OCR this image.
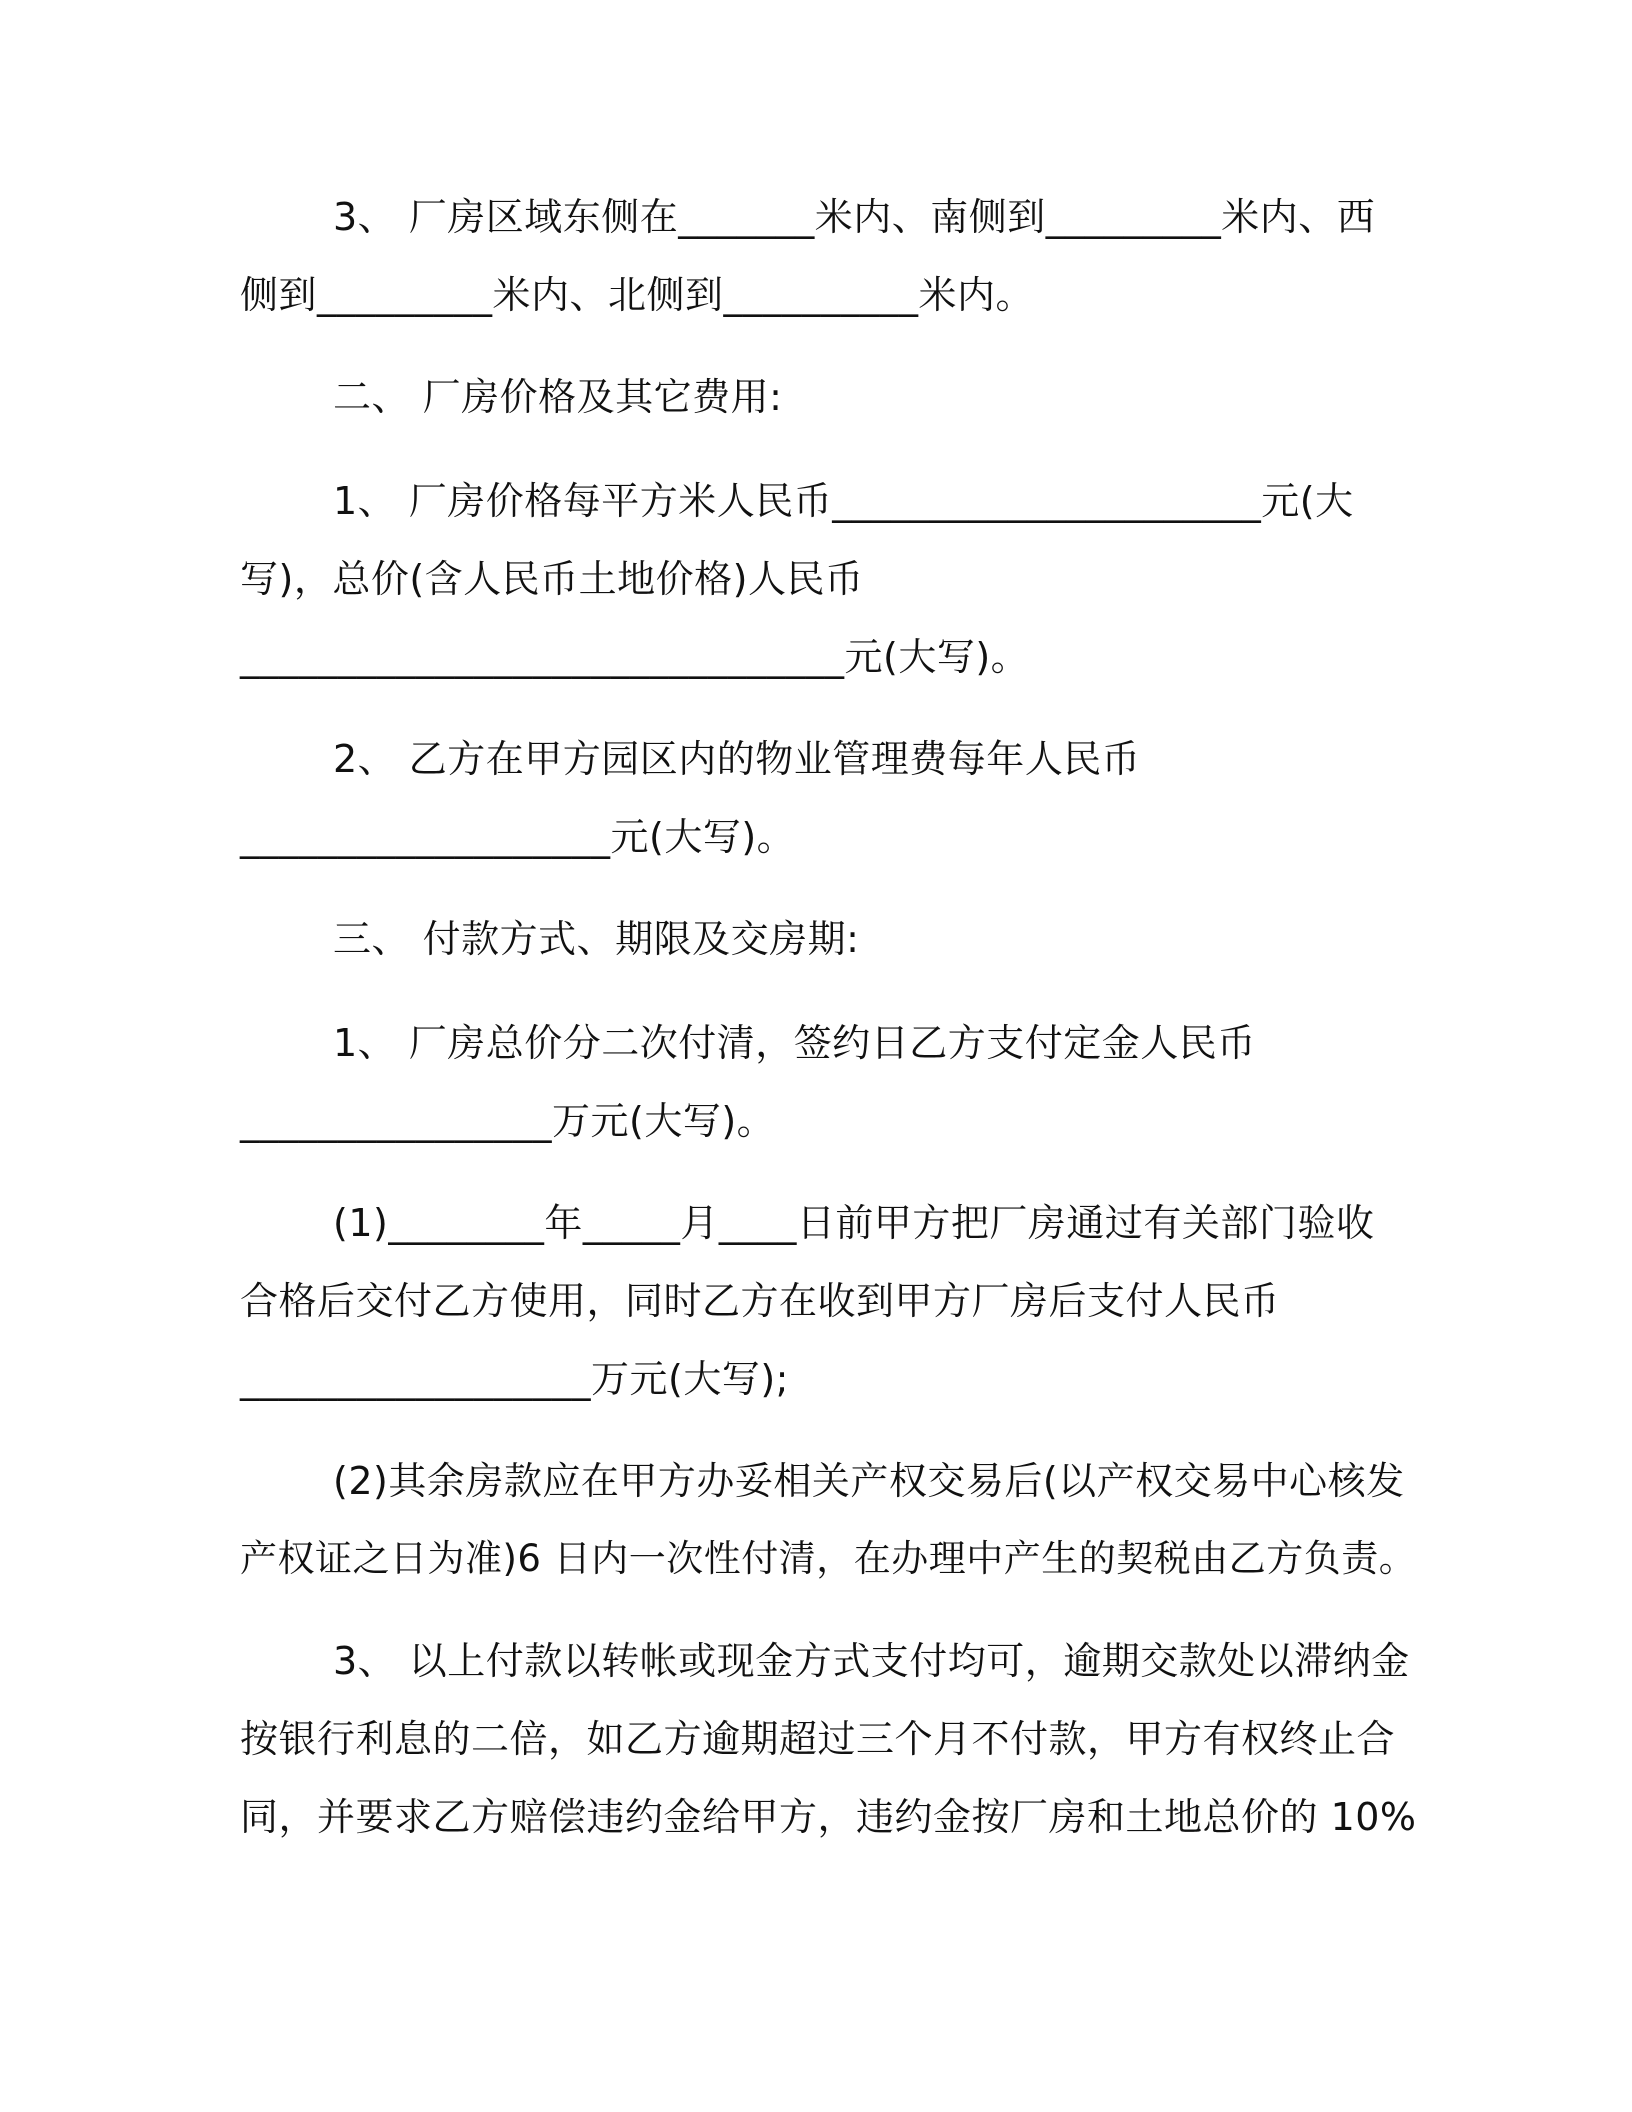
3、 厂房区域东侧在_______米内、南侧到_________米内、西
侧到_________米内、北侧到__________米内。
二、 厂房价格及其它费用:
1、 厂房价格每平方米人民币______________________元(大
写)，总价(含人民币土地价格)人民币
_______________________________元(大写)。
2、 乙方在甲方园区内的物业管理费每年人民币
___________________元(大写)。
三、 付款方式、期限及交房期:
1、 厂房总价分二次付清，签约日乙方支付定金人民币
________________万元(大写)。
(1)________年_____月____日前甲方把厂房通过有关部门验收
合格后交付乙方使用，同时乙方在收到甲方厂房后支付人民币
__________________万元(大写);
(2)其余房款应在甲方办妥相关产权交易后(以产权交易中心核发
产权证之日为准)6 日内一次性付清，在办理中产生的契税由乙方负责。
3、 以上付款以转帐或现金方式支付均可，逾期交款处以滞纳金
按银行利息的二倍，如乙方逾期超过三个月不付款，甲方有权终止合
同，并要求乙方赔偿违约金给甲方，违约金按厂房和土地总价的 10%
